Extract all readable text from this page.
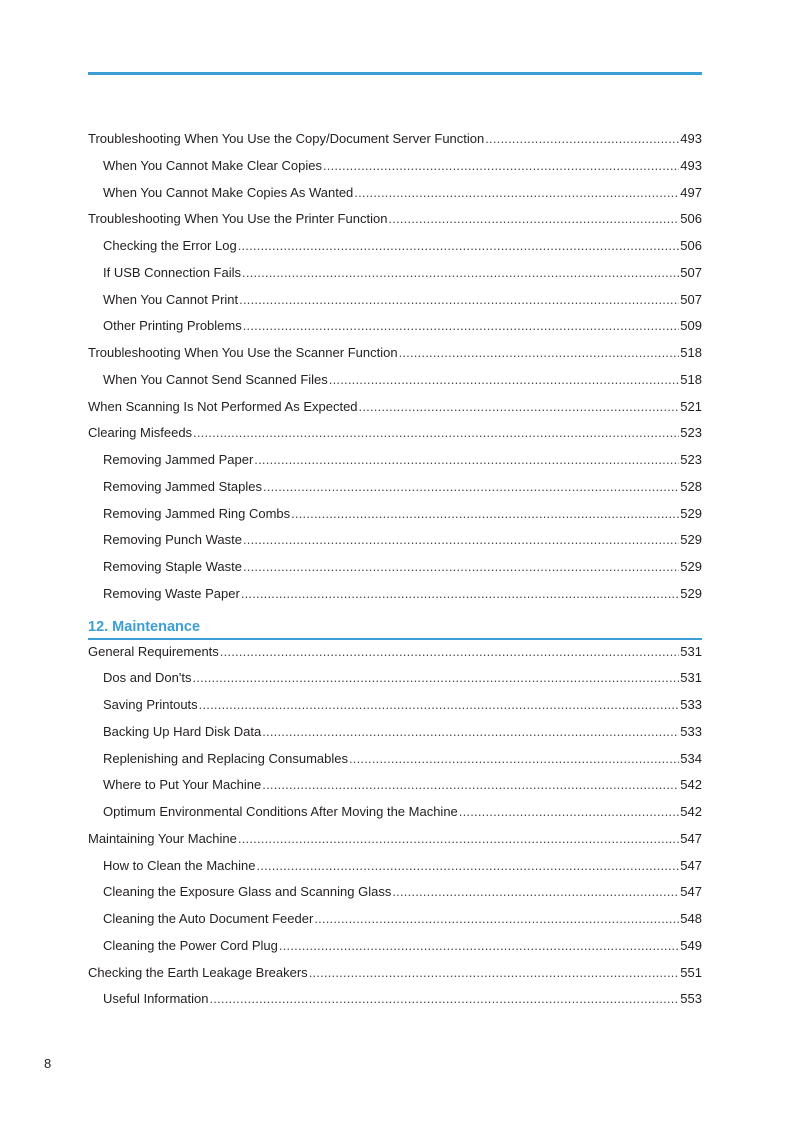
Troubleshooting When You Use the Copy/Document Server Function .....	493
When You Cannot Make Clear Copies .....	493
When You Cannot Make Copies As Wanted .....	497
Troubleshooting When You Use the Printer Function .....	506
Checking the Error Log .....	506
If USB Connection Fails .....	507
When You Cannot Print .....	507
Other Printing Problems .....	509
Troubleshooting When You Use the Scanner Function .....	518
When You Cannot Send Scanned Files .....	518
When Scanning Is Not Performed As Expected .....	521
Clearing Misfeeds .....	523
Removing Jammed Paper .....	523
Removing Jammed Staples .....	528
Removing Jammed Ring Combs .....	529
Removing Punch Waste .....	529
Removing Staple Waste .....	529
Removing Waste Paper .....	529
12. Maintenance
General Requirements .....	531
Dos and Don'ts .....	531
Saving Printouts .....	533
Backing Up Hard Disk Data .....	533
Replenishing and Replacing Consumables .....	534
Where to Put Your Machine .....	542
Optimum Environmental Conditions After Moving the Machine .....	542
Maintaining Your Machine .....	547
How to Clean the Machine .....	547
Cleaning the Exposure Glass and Scanning Glass .....	547
Cleaning the Auto Document Feeder .....	548
Cleaning the Power Cord Plug .....	549
Checking the Earth Leakage Breakers .....	551
Useful Information .....	553
8
